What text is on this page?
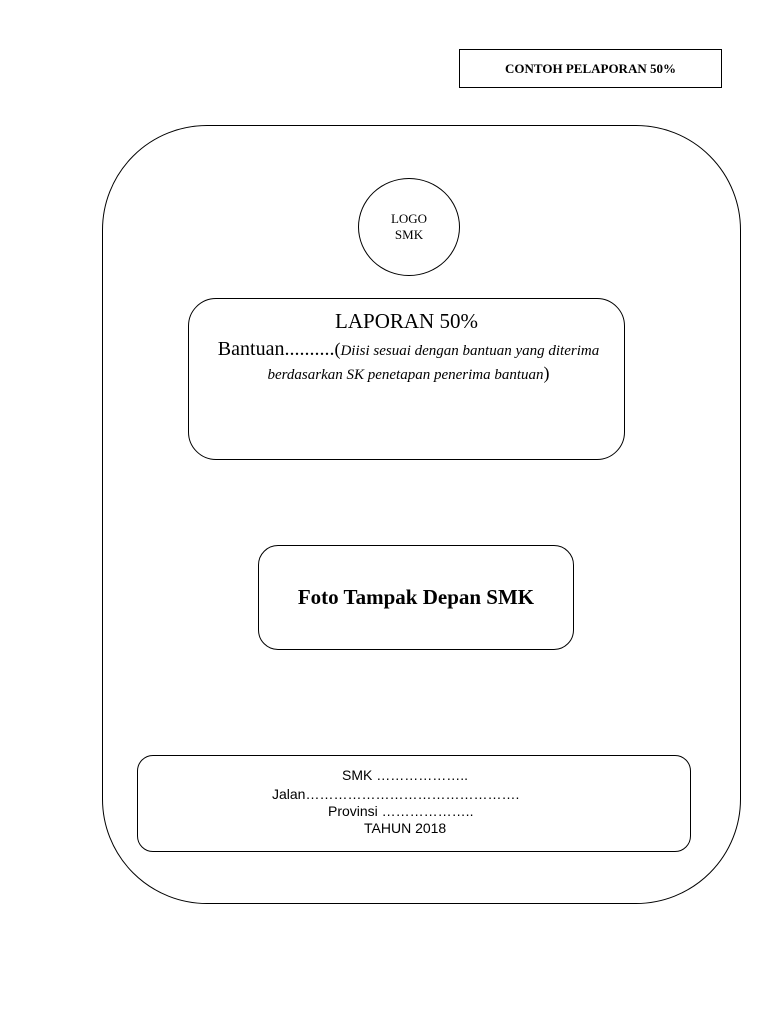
CONTOH PELAPORAN 50%
LOGO
SMK
LAPORAN 50%
Bantuan..........(Diisi sesuai dengan bantuan yang diterima berdasarkan SK penetapan penerima bantuan)
Foto Tampak Depan SMK
SMK ………………..
Jalan……………………………………….
Provinsi ………………..
TAHUN 2018
